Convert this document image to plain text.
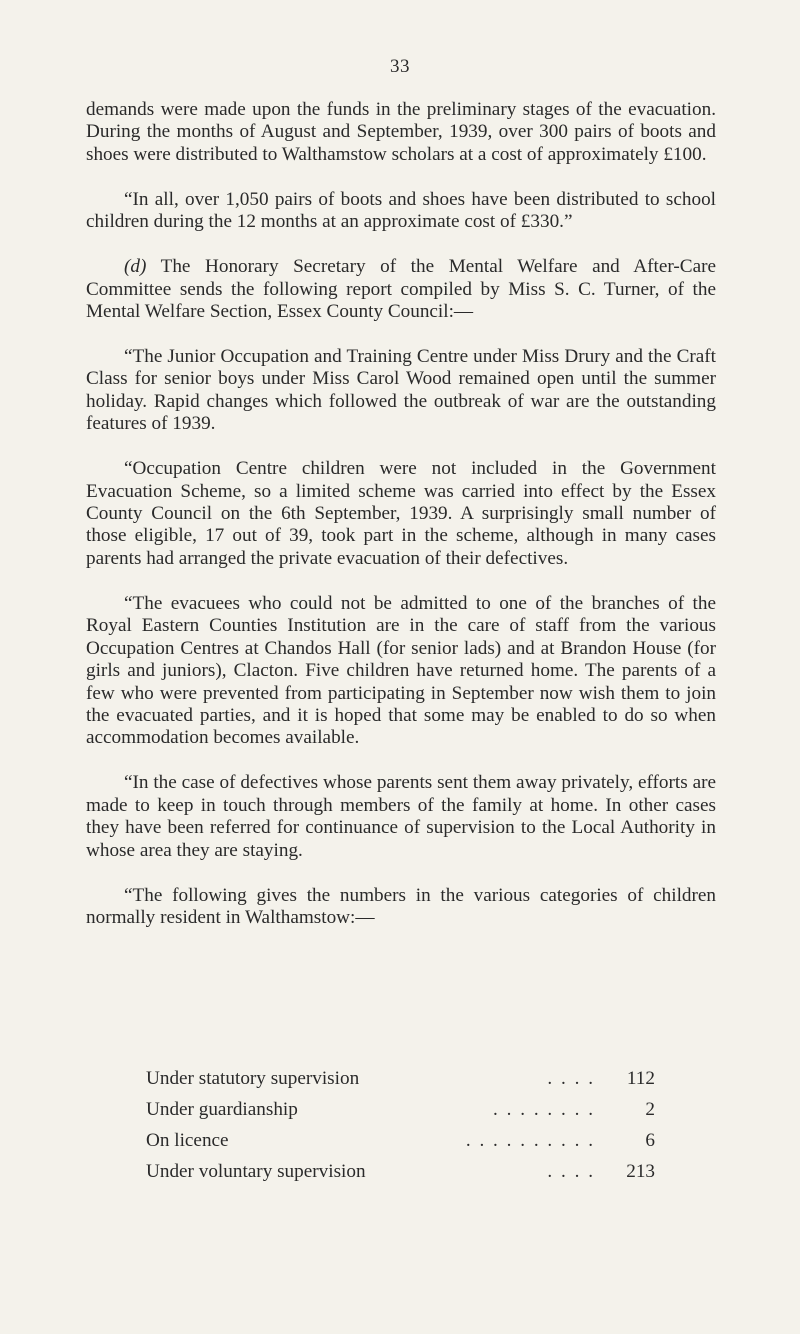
33

demands were made upon the funds in the preliminary stages of the evacuation. During the months of August and September, 1939, over 300 pairs of boots and shoes were distributed to Walthamstow scholars at a cost of approximately £100.

“In all, over 1,050 pairs of boots and shoes have been distributed to school children during the 12 months at an approximate cost of £330.”

(d) The Honorary Secretary of the Mental Welfare and After-Care Committee sends the following report compiled by Miss S. C. Turner, of the Mental Welfare Section, Essex County Council:—

“The Junior Occupation and Training Centre under Miss Drury and the Craft Class for senior boys under Miss Carol Wood remained open until the summer holiday. Rapid changes which followed the outbreak of war are the outstanding features of 1939.

“Occupation Centre children were not included in the Government Evacuation Scheme, so a limited scheme was carried into effect by the Essex County Council on the 6th September, 1939. A surprisingly small number of those eligible, 17 out of 39, took part in the scheme, although in many cases parents had arranged the private evacuation of their defectives.

“The evacuees who could not be admitted to one of the branches of the Royal Eastern Counties Institution are in the care of staff from the various Occupation Centres at Chandos Hall (for senior lads) and at Brandon House (for girls and juniors), Clacton. Five children have returned home. The parents of a few who were prevented from participating in September now wish them to join the evacuated parties, and it is hoped that some may be enabled to do so when accommodation becomes available.

“In the case of defectives whose parents sent them away privately, efforts are made to keep in touch through members of the family at home. In other cases they have been referred for continuance of supervision to the Local Authority in whose area they are staying.

“The following gives the numbers in the various categories of children normally resident in Walthamstow:—

Under statutory supervision	. . . .	112
Under guardianship	. . . . . . . .	2
On licence	. . . . . . . . . .	6
Under voluntary supervision	. . . .	213
